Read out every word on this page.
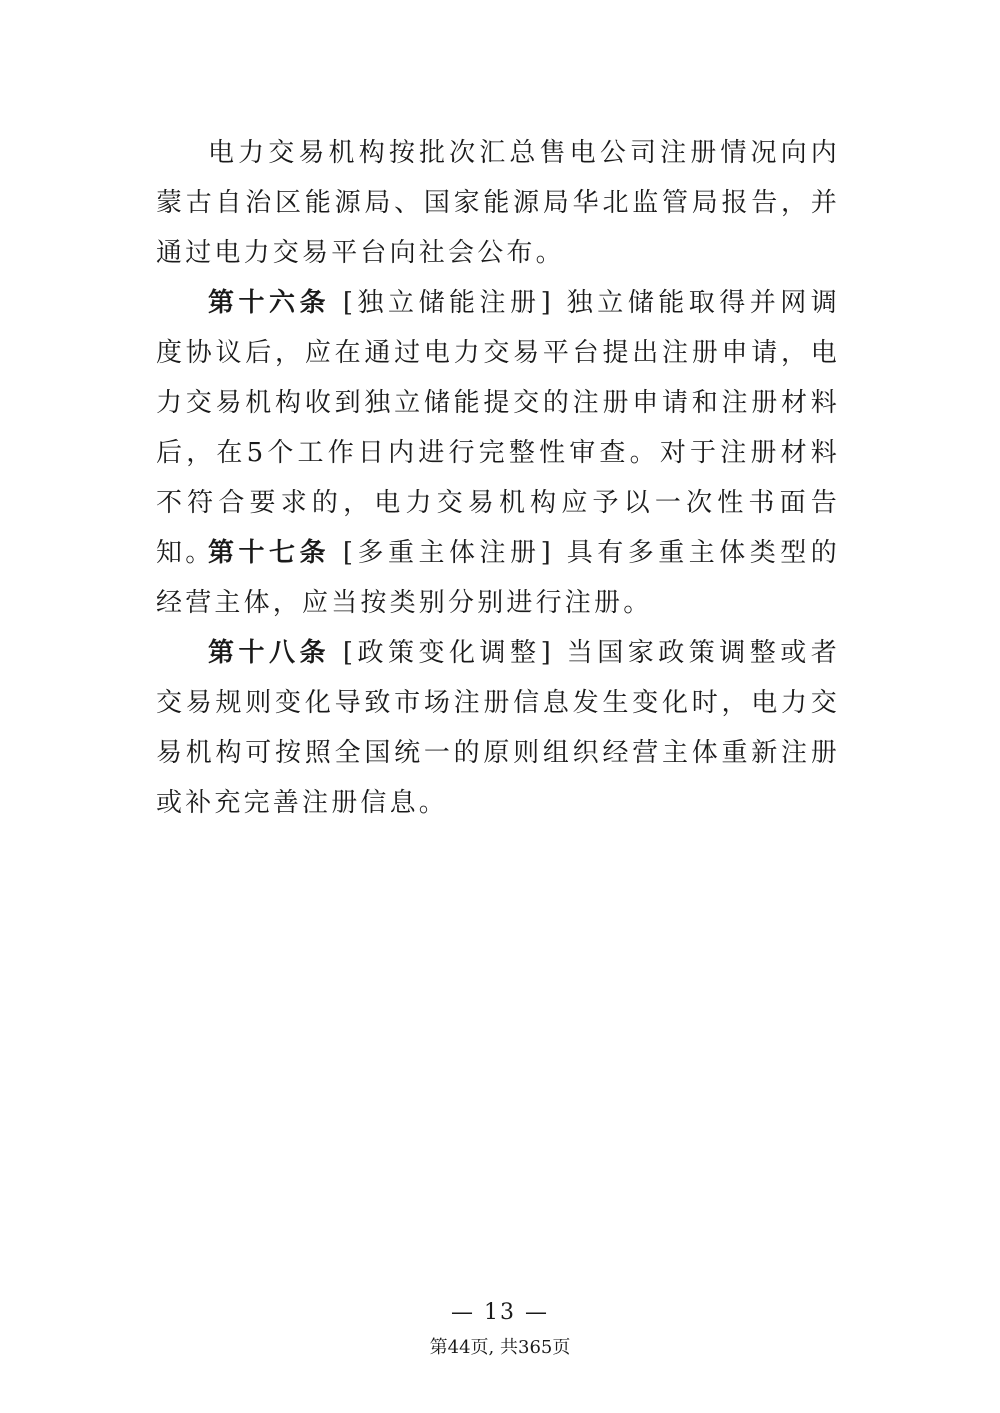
电力交易机构按批次汇总售电公司注册情况向内蒙古自治区能源局、国家能源局华北监管局报告，并通过电力交易平台向社会公布。

第十六条 [独立储能注册] 独立储能取得并网调度协议后，应在通过电力交易平台提出注册申请，电力交易机构收到独立储能提交的注册申请和注册材料后，在5个工作日内进行完整性审查。对于注册材料不符合要求的，电力交易机构应予以一次性书面告知。

第十七条 [多重主体注册] 具有多重主体类型的经营主体，应当按类别分别进行注册。

第十八条 [政策变化调整] 当国家政策调整或者交易规则变化导致市场注册信息发生变化时，电力交易机构可按照全国统一的原则组织经营主体重新注册或补充完善注册信息。

— 13 —
第44页, 共365页
